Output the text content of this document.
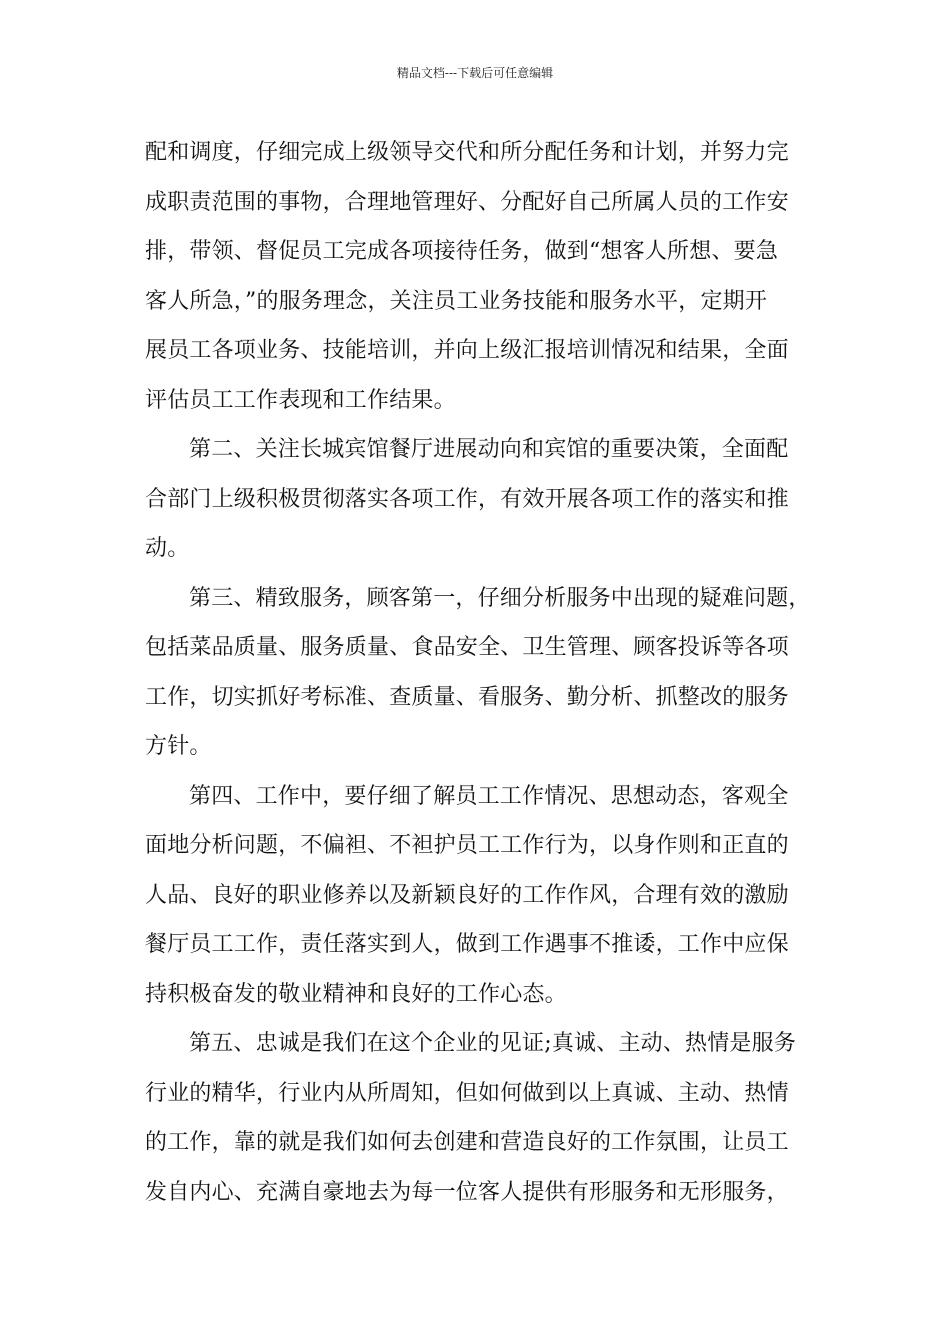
精品文档---下载后可任意编辑
配和调度，仔细完成上级领导交代和所分配任务和计划，并努力完
成职责范围的事物，合理地管理好、分配好自己所属人员的工作安
排，带领、督促员工完成各项接待任务，做到“想客人所想、要急
客人所急，”的服务理念，关注员工业务技能和服务水平，定期开
展员工各项业务、技能培训，并向上级汇报培训情况和结果，全面
评估员工工作表现和工作结果。
第二、关注长城宾馆餐厅进展动向和宾馆的重要决策，全面配
合部门上级积极贯彻落实各项工作，有效开展各项工作的落实和推
动。
第三、精致服务，顾客第一，仔细分析服务中出现的疑难问题，
包括菜品质量、服务质量、食品安全、卫生管理、顾客投诉等各项
工作，切实抓好考标准、查质量、看服务、勤分析、抓整改的服务
方针。
第四、工作中，要仔细了解员工工作情况、思想动态，客观全
面地分析问题，不偏袒、不袒护员工工作行为，以身作则和正直的
人品、良好的职业修养以及新颖良好的工作作风，合理有效的激励
餐厅员工工作，责任落实到人，做到工作遇事不推诿，工作中应保
持积极奋发的敬业精神和良好的工作心态。
第五、忠诚是我们在这个企业的见证;真诚、主动、热情是服务
行业的精华，行业内从所周知，但如何做到以上真诚、主动、热情
的工作，靠的就是我们如何去创建和营造良好的工作氛围，让员工
发自内心、充满自豪地去为每一位客人提供有形服务和无形服务，
